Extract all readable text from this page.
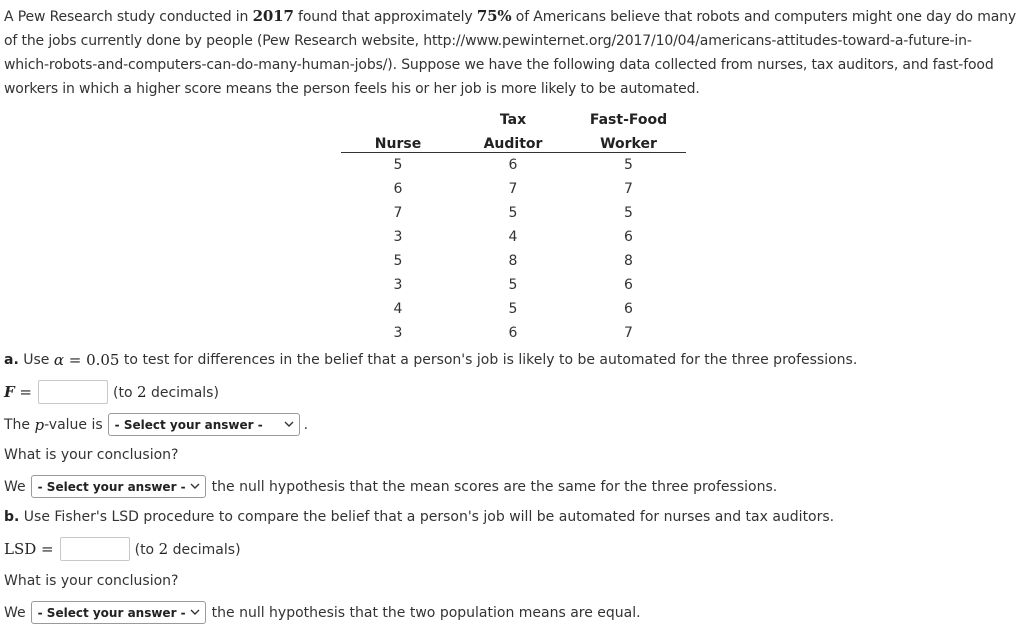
A Pew Research study conducted in 2017 found that approximately 75% of Americans believe that robots and computers might one day do many
of the jobs currently done by people (Pew Research website, http://www.pewinternet.org/2017/10/04/americans-attitudes-toward-a-future-in-
which-robots-and-computers-can-do-many-human-jobs/). Suppose we have the following data collected from nurses, tax auditors, and fast-food
workers in which a higher score means the person feels his or her job is more likely to be automated.
	Tax	Fast-Food
Nurse	Auditor	Worker
5	6	5
6	7	7
7	5	5
3	4	6
5	8	8
3	5	6
4	5	6
3	6	7
a. Use α = 0.05 to test for differences in the belief that a person's job is likely to be automated for the three professions.
F =	(to 2 decimals)
The p -value is - Select your answer -	.
What is your conclusion?
We - Select your answer - the null hypothesis that the mean scores are the same for the three professions.
b. Use Fisher's LSD procedure to compare the belief that a person's job will be automated for nurses and tax auditors.
LSD =	(to 2 decimals)
What is your conclusion?
We - Select your answer - the null hypothesis that the two population means are equal.
